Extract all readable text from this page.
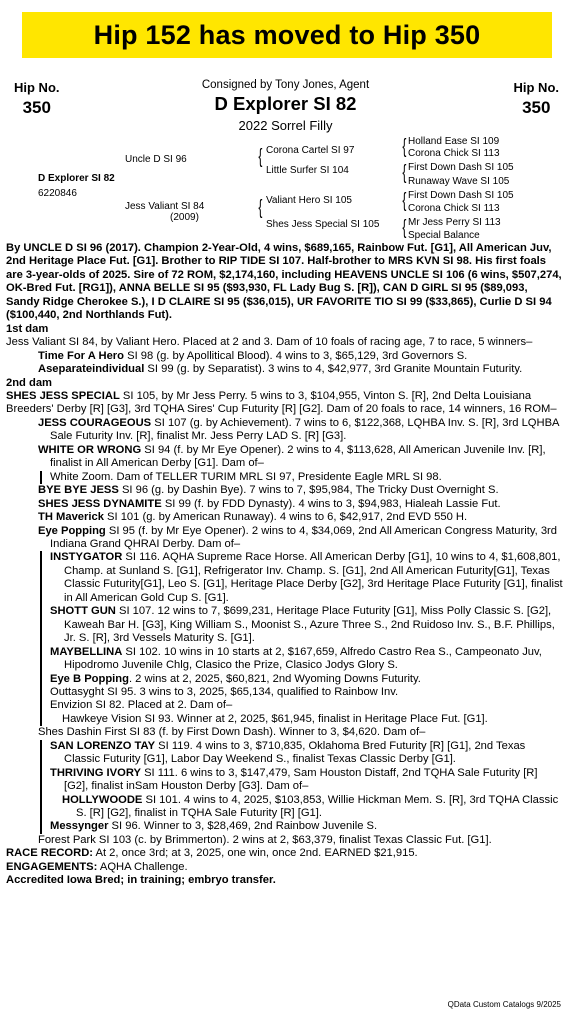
Hip 152 has moved to Hip 350
Hip No.
350
Hip No.
350
Consigned by Tony Jones, Agent
D Explorer SI 82
2022 Sorrel Filly
D Explorer SI 82
6220846
Uncle D SI 96
Jess Valiant SI 84
(2009)
{ Corona Cartel SI 97
Little Surfer SI 104
{ Valiant Hero SI 105
Shes Jess Special SI 105
{ Holland Ease SI 109
Corona Chick SI 113
{ First Down Dash SI 105
Runaway Wave SI 105
{ First Down Dash SI 105
Corona Chick SI 113
{ Mr Jess Perry SI 113
Special Balance

By UNCLE D SI 96 (2017). Champion 2-Year-Old, 4 wins, $689,165, Rainbow Fut. [G1], All American Juv, 2nd Heritage Place Fut. [G1]. Brother to RIP TIDE SI 107. Half-brother to MRS KVN SI 98. His first foals are 3-year-olds of 2025. Sire of 72 ROM, $2,174,160, including HEAVENS UNCLE SI 106 (6 wins, $507,274, OK-Bred Fut. [RG1]), ANNA BELLE SI 95 ($93,930, FL Lady Bug S. [R]), CAN D GIRL SI 95 ($89,093, Sandy Ridge Cherokee S.), I D CLAIRE SI 95 ($36,015), UR FAVORITE TIO SI 99 ($33,865), Curlie D SI 94 ($100,440, 2nd Northlands Fut).

1st dam

Jess Valiant SI 84, by Valiant Hero. Placed at 2 and 3. Dam of 10 foals of racing age, 7 to race, 5 winners–

Time For A Hero SI 98 (g. by Apollitical Blood). 4 wins to 3, $65,129, 3rd Governors S.

Aseparateindividual SI 99 (g. by Separatist). 3 wins to 4, $42,977, 3rd Granite Mountain Futurity.

2nd dam

SHES JESS SPECIAL SI 105, by Mr Jess Perry. 5 wins to 3, $104,955, Vinton S. [R], 2nd Delta Louisiana Breeders' Derby [R] [G3], 3rd TQHA Sires' Cup Futurity [R] [G2]. Dam of 20 foals to race, 14 winners, 16 ROM–

JESS COURAGEOUS SI 107 (g. by Achievement). 7 wins to 6, $122,368, LQHBA Inv. S. [R], 3rd LQHBA Sale Futurity Inv. [R], finalist Mr. Jess Perry LAD S. [R] [G3].

WHITE OR WRONG SI 94 (f. by Mr Eye Opener). 2 wins to 4, $113,628, All American Juvenile Inv. [R], finalist in All American Derby [G1]. Dam of–

White Zoom. Dam of TELLER TURIM MRL SI 97, Presidente Eagle MRL SI 98.

BYE BYE JESS SI 96 (g. by Dashin Bye). 7 wins to 7, $95,984, The Tricky Dust Overnight S.

SHES JESS DYNAMITE SI 99 (f. by FDD Dynasty). 4 wins to 3, $94,983, Hialeah Lassie Fut.

TH Maverick SI 101 (g. by American Runaway). 4 wins to 6, $42,917, 2nd EVD 550 H.

Eye Popping SI 95 (f. by Mr Eye Opener). 2 wins to 4, $34,069, 2nd All American Congress Maturity, 3rd Indiana Grand QHRAI Derby. Dam of–

INSTYGATOR SI 116. AQHA Supreme Race Horse. All American Derby [G1], 10 wins to 4, $1,608,801, Champ. at Sunland S. [G1], Refrigerator Inv. Champ. S. [G1], 2nd All American Futurity[G1], Texas Classic Futurity[G1], Leo S. [G1], Heritage Place Derby [G2], 3rd Heritage Place Futurity [G1], finalist in All American Gold Cup S. [G1].

SHOTT GUN SI 107. 12 wins to 7, $699,231, Heritage Place Futurity [G1], Miss Polly Classic S. [G2], Kaweah Bar H. [G3], King William S., Moonist S., Azure Three S., 2nd Ruidoso Inv. S., B.F. Phillips, Jr. S. [R], 3rd Vessels Maturity S. [G1].

MAYBELLINA SI 102. 10 wins in 10 starts at 2, $167,659, Alfredo Castro Rea S., Campeonato Juv, Hipodromo Juvenile Chlg, Clasico the Prize, Clasico Jodys Glory S.

Eye B Popping. 2 wins at 2, 2025, $60,821, 2nd Wyoming Downs Futurity.

Outtasyght SI 95. 3 wins to 3, 2025, $65,134, qualified to Rainbow Inv.

Envizion SI 82. Placed at 2. Dam of–

Hawkeye Vision SI 93. Winner at 2, 2025, $61,945, finalist in Heritage Place Fut. [G1].

Shes Dashin First SI 83 (f. by First Down Dash). Winner to 3, $4,620. Dam of–

SAN LORENZO TAY SI 119. 4 wins to 3, $710,835, Oklahoma Bred Futurity [R] [G1], 2nd Texas Classic Futurity [G1], Labor Day Weekend S., finalist Texas Classic Derby [G1].

THRIVING IVORY SI 111. 6 wins to 3, $147,479, Sam Houston Distaff, 2nd TQHA Sale Futurity [R] [G2], finalist inSam Houston Derby [G3]. Dam of–

HOLLYWOODE SI 101. 4 wins to 4, 2025, $103,853, Willie Hickman Mem. S. [R], 3rd TQHA Classic S. [R] [G2], finalist in TQHA Sale Futurity [R] [G1].

Messynger SI 96. Winner to 3, $28,469, 2nd Rainbow Juvenile S.

Forest Park SI 103 (c. by Brimmerton). 2 wins at 2, $63,379, finalist Texas Classic Fut. [G1].

RACE RECORD: At 2, once 3rd; at 3, 2025, one win, once 2nd. EARNED $21,915.

ENGAGEMENTS: AQHA Challenge.

Accredited Iowa Bred; in training; embryo transfer.

QData Custom Catalogs 9/2025
